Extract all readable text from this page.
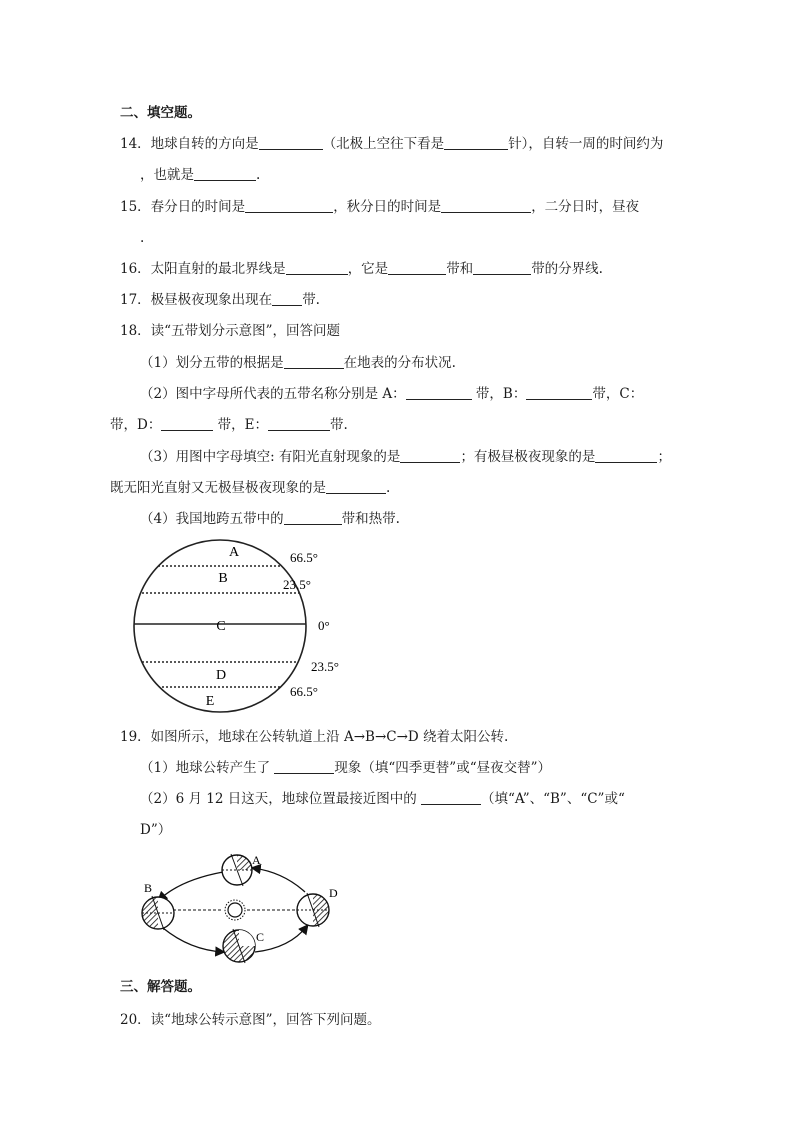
二、填空题。
14．地球自转的方向是	（北极上空往下看是	针），自转一周的时间约为
，也就是	.
15．春分日的时间是	，秋分日的时间是	，二分日时，昼夜
.
16．太阳直射的最北界线是	，它是	带和	带的分界线.
17．极昼极夜现象出现在 带.
18．读“五带划分示意图”，回答问题
（1）划分五带的根据是	在地表的分布状况.
（2）图中字母所代表的五带名称分别是 A：	带，B：	带，C：
带，D：	带，E：	带.
（3）用图中字母填空: 有阳光直射现象的是	；有极昼极夜现象的是	；
既无阳光直射又无极昼极夜现象的是	.
（4）我国地跨五带中的	带和热带.
A
B
C
D
E
66.5°
23.5°
0°
23.5°
66.5°
19．如图所示，地球在公转轨道上沿 A→B→C→D 绕着太阳公转.
（1）地球公转产生了	现象（填“四季更替”或“昼夜交替”）
（2）6 月 12 日这天，地球位置最接近图中的	（填“A”、“B”、“C”或“
D”）
A
B
C
D
三、解答题。
20．读“地球公转示意图”，回答下列问题。
